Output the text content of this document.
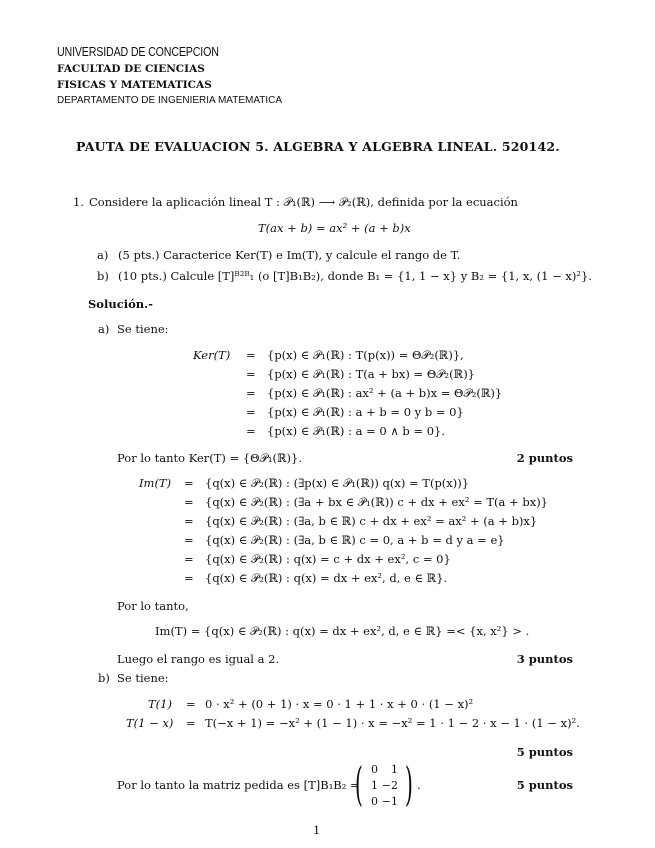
UNIVERSIDAD DE CONCEPCION
FACULTAD DE CIENCIAS
FISICAS Y MATEMATICAS
DEPARTAMENTO DE INGENIERIA MATEMATICA
PAUTA DE EVALUACION 5. ALGEBRA Y ALGEBRA LINEAL. 520142.
1. Considere la aplicación lineal T : 𝒫₁(ℝ) ⟶ 𝒫₂(ℝ), definida por la ecuación
T(ax + b) = ax² + (a + b)x
a) (5 pts.) Caracterice Ker(T) e Im(T), y calcule el rango de T.
b) (10 pts.) Calcule [T]ᴮ²ᴮ₁ (o [T]B₁B₂), donde B₁ = {1, 1 − x} y B₂ = {1, x, (1 − x)²}.
Solución.-
a) Se tiene:
Ker(T) = {p(x) ∈ 𝒫₁(ℝ) : T(p(x)) = Θ𝒫₂(ℝ)},
= {p(x) ∈ 𝒫₁(ℝ) : T(a + bx) = Θ𝒫₂(ℝ)}
= {p(x) ∈ 𝒫₁(ℝ) : ax² + (a + b)x = Θ𝒫₂(ℝ)}
= {p(x) ∈ 𝒫₁(ℝ) : a + b = 0 y b = 0}
= {p(x) ∈ 𝒫₁(ℝ) : a = 0 ∧ b = 0}.
Por lo tanto Ker(T) = {Θ𝒫₁(ℝ)}.	2 puntos
Im(T) = {q(x) ∈ 𝒫₂(ℝ) : (∃p(x) ∈ 𝒫₁(ℝ)) q(x) = T(p(x))}
= {q(x) ∈ 𝒫₂(ℝ) : (∃a + bx ∈ 𝒫₁(ℝ)) c + dx + ex² = T(a + bx)}
= {q(x) ∈ 𝒫₂(ℝ) : (∃a, b ∈ ℝ) c + dx + ex² = ax² + (a + b)x}
= {q(x) ∈ 𝒫₂(ℝ) : (∃a, b ∈ ℝ) c = 0, a + b = d y a = e}
= {q(x) ∈ 𝒫₂(ℝ) : q(x) = c + dx + ex², c = 0}
= {q(x) ∈ 𝒫₂(ℝ) : q(x) = dx + ex², d, e ∈ ℝ}.
Por lo tanto,
Im(T) = {q(x) ∈ 𝒫₂(ℝ) : q(x) = dx + ex², d, e ∈ ℝ} =< {x, x²} > .
Luego el rango es igual a 2.	3 puntos
b) Se tiene:
T(1) = 0 · x² + (0 + 1) · x = 0 · 1 + 1 · x + 0 · (1 − x)²
T(1 − x) = T(−x + 1) = −x² + (1 − 1) · x = −x² = 1 · 1 − 2 · x − 1 · (1 − x)².
5 puntos
Por lo tanto la matriz pedida es [T]B₁B₂ =
( 0	1
1 −2
0 −1 ) .	5 puntos
1
